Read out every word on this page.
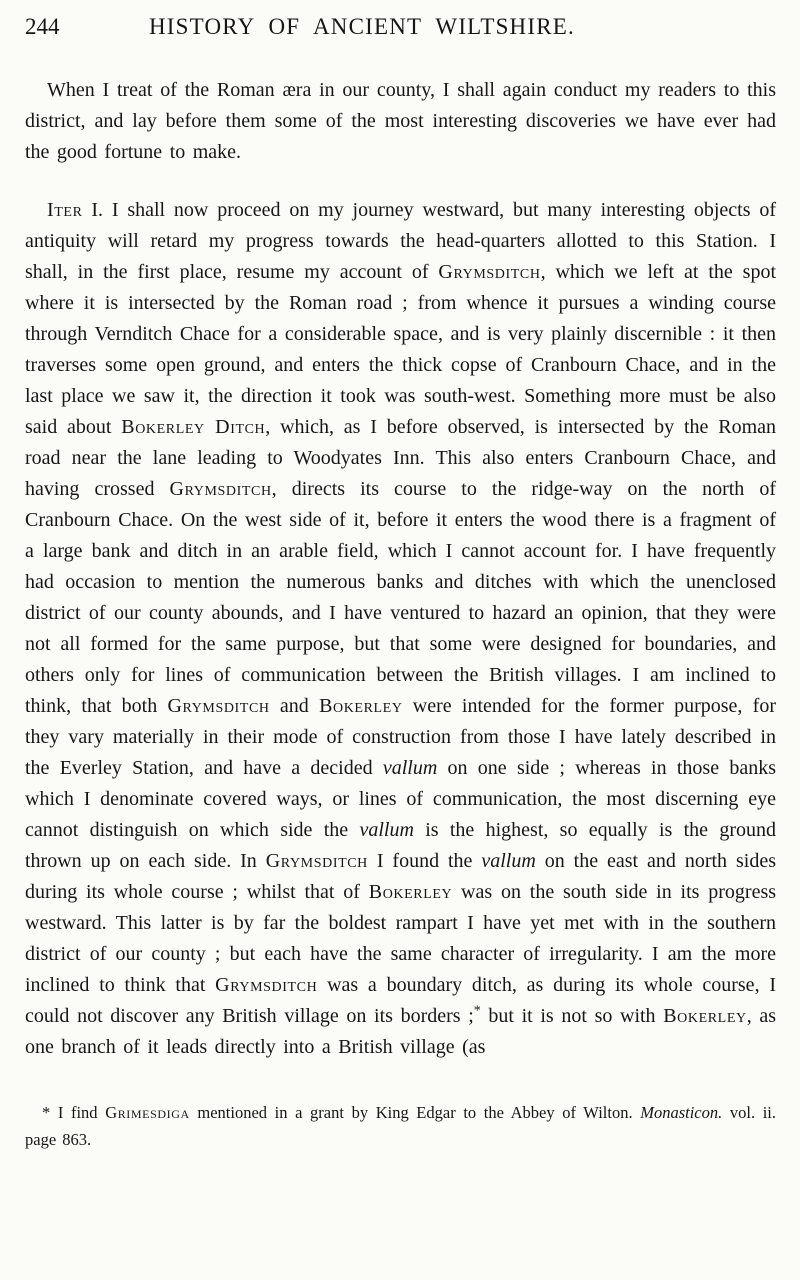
244	HISTORY OF ANCIENT WILTSHIRE.

When I treat of the Roman æra in our county, I shall again conduct my readers to this district, and lay before them some of the most interesting discoveries we have ever had the good fortune to make.

Iter I. I shall now proceed on my journey westward, but many interesting objects of antiquity will retard my progress towards the head-quarters allotted to this Station. I shall, in the first place, resume my account of Grymsditch, which we left at the spot where it is intersected by the Roman road ; from whence it pursues a winding course through Vernditch Chace for a considerable space, and is very plainly discernible : it then traverses some open ground, and enters the thick copse of Cranbourn Chace, and in the last place we saw it, the direction it took was south-west. Something more must be also said about Bokerley Ditch, which, as I before observed, is intersected by the Roman road near the lane leading to Woodyates Inn. This also enters Cranbourn Chace, and having crossed Grymsditch, directs its course to the ridge-way on the north of Cranbourn Chace. On the west side of it, before it enters the wood there is a fragment of a large bank and ditch in an arable field, which I cannot account for. I have frequently had occasion to mention the numerous banks and ditches with which the unenclosed district of our county abounds, and I have ventured to hazard an opinion, that they were not all formed for the same purpose, but that some were designed for boundaries, and others only for lines of communication between the British villages. I am inclined to think, that both Grymsditch and Bokerley were intended for the former purpose, for they vary materially in their mode of construction from those I have lately described in the Everley Station, and have a decided vallum on one side ; whereas in those banks which I denominate covered ways, or lines of communication, the most discerning eye cannot distinguish on which side the vallum is the highest, so equally is the ground thrown up on each side. In Grymsditch I found the vallum on the east and north sides during its whole course ; whilst that of Bokerley was on the south side in its progress westward. This latter is by far the boldest rampart I have yet met with in the southern district of our county ; but each have the same character of irregularity. I am the more inclined to think that Grymsditch was a boundary ditch, as during its whole course, I could not discover any British village on its borders ;* but it is not so with Bokerley, as one branch of it leads directly into a British village (as

* I find Grimesdiga mentioned in a grant by King Edgar to the Abbey of Wilton. Monasticon. vol. ii. page 863.
